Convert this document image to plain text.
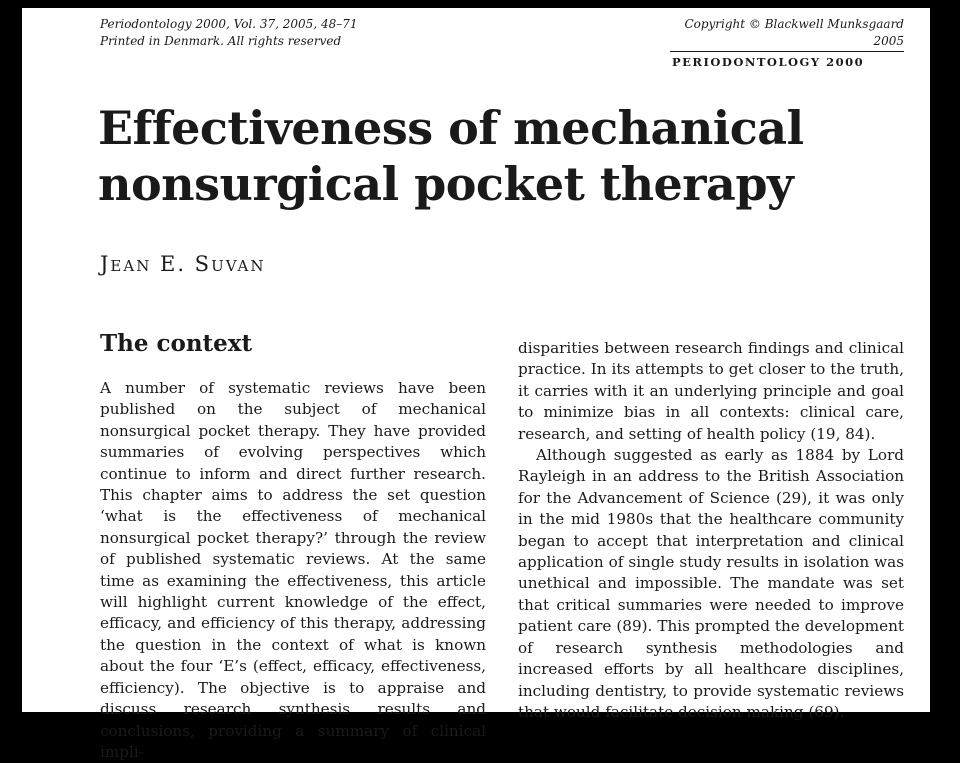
Periodontology 2000, Vol. 37, 2005, 48–71
Printed in Denmark. All rights reserved
Copyright © Blackwell Munksgaard 2005
PERIODONTOLOGY 2000
Effectiveness of mechanical nonsurgical pocket therapy
Jean E. Suvan
The context

A number of systematic reviews have been published on the subject of mechanical nonsurgical pocket therapy. They have provided summaries of evolving perspectives which continue to inform and direct further research. This chapter aims to address the set question ‘what is the effectiveness of mechanical nonsurgical pocket therapy?’ through the review of published systematic reviews. At the same time as examining the effectiveness, this article will highlight current knowledge of the effect, efficacy, and efficiency of this therapy, addressing the question in the context of what is known about the four ‘E’s (effect, efficacy, effectiveness, efficiency). The objective is to appraise and discuss research synthesis results and conclusions, providing a summary of clinical impli-

disparities between research findings and clinical practice. In its attempts to get closer to the truth, it carries with it an underlying principle and goal to minimize bias in all contexts: clinical care, research, and setting of health policy (19, 84).

Although suggested as early as 1884 by Lord Rayleigh in an address to the British Association for the Advancement of Science (29), it was only in the mid 1980s that the healthcare community began to accept that interpretation and clinical application of single study results in isolation was unethical and impossible. The mandate was set that critical summaries were needed to improve patient care (89). This prompted the development of research synthesis methodologies and increased efforts by all healthcare disciplines, including dentistry, to provide systematic reviews that would facilitate decision making (69).
